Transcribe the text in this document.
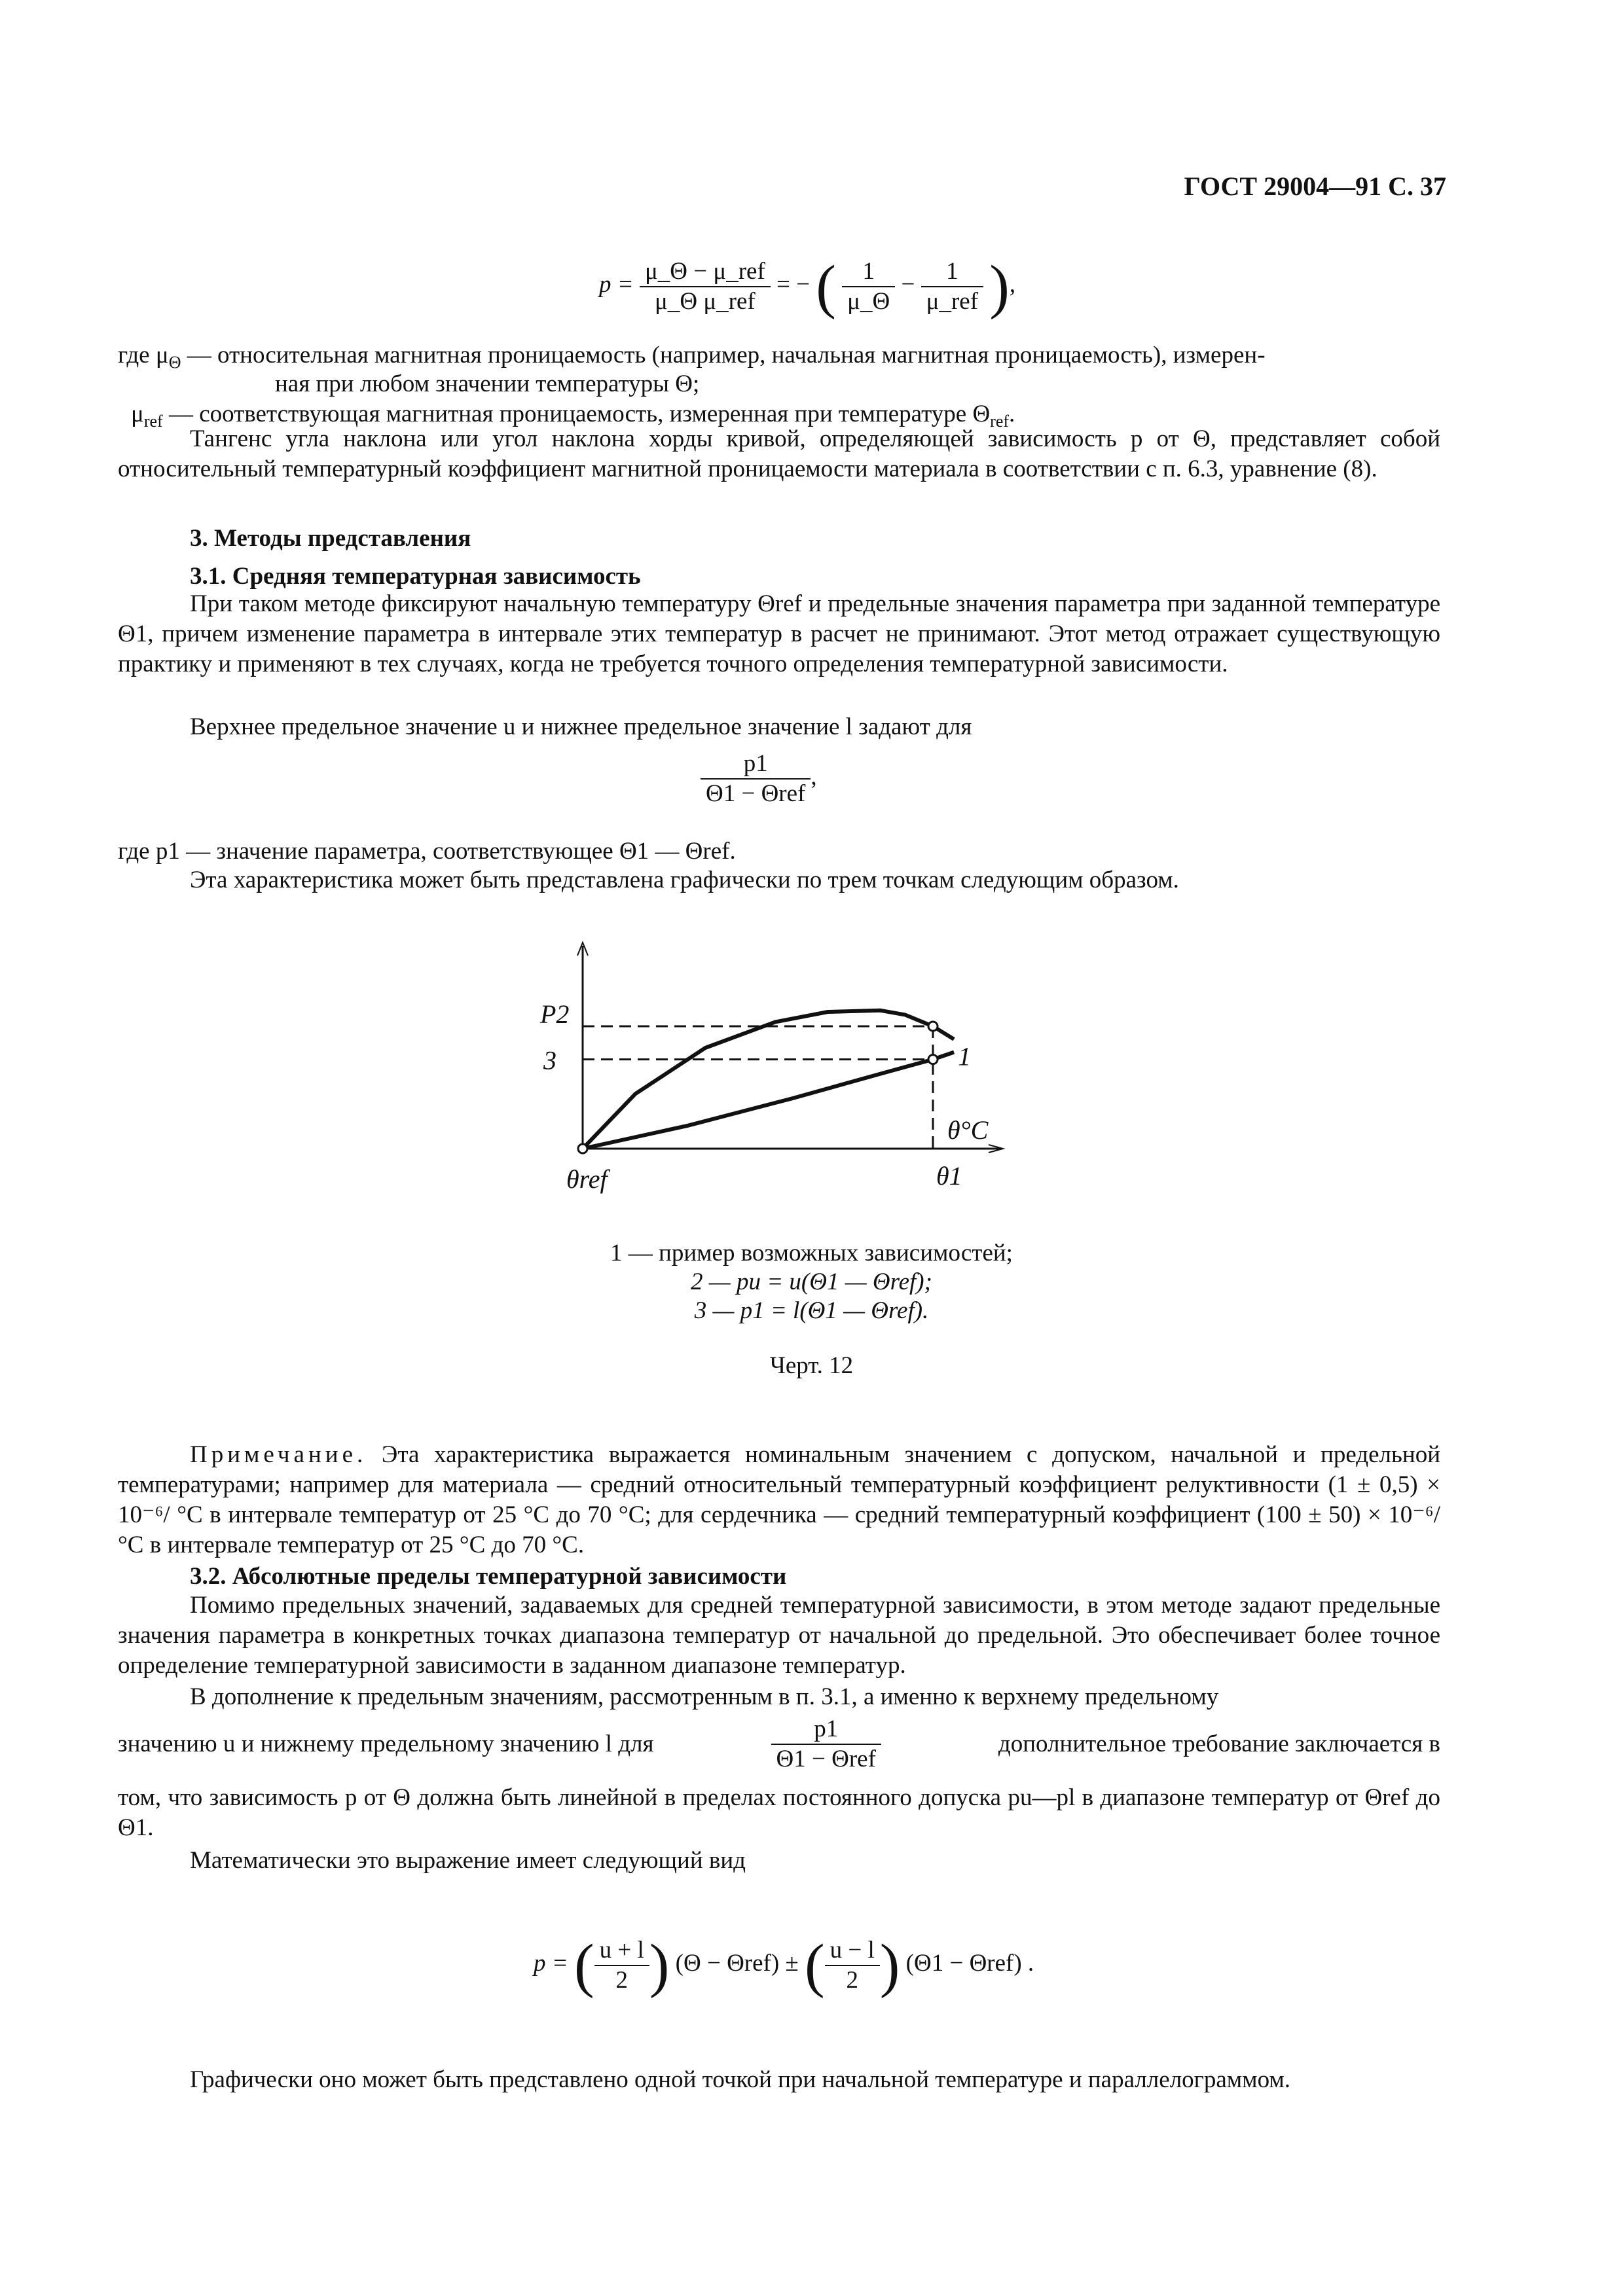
ГОСТ 29004—91 С. 37
$p = \frac{\text{μ\_Θ − μ\_ref}}{\text{μ\_Θ μ\_ref}}$ = − ( $\frac{1}{\mu\_\Theta} - \frac{1}{\text{μ\_ref}}$ ),
где $\mu_\Theta$ — относительная магнитная проницаемость (например, начальная магнитная проницаемость), измерен-
ная при любом значении температуры Θ;
$\mu_{ref}$ — соответствующая магнитная проницаемость, измеренная при температуре $\Theta_{ref}$.
Тангенс угла наклона или угол наклона хорды кривой, определяющей зависимость p от Θ, представляет собой относительный температурный коэффициент магнитной проницаемости материала в соответствии с п. 6.3, уравнение (8).
3. Методы представления
3.1. Средняя температурная зависимость
При таком методе фиксируют начальную температуру Θref и предельные значения параметра при заданной температуре Θ1, причем изменение параметра в интервале этих температур в расчет не принимают. Этот метод отражает существующую практику и применяют в тех случаях, когда не требуется точного определения температурной зависимости.
Верхнее предельное значение u и нижнее предельное значение l задают для
$\frac{p1}{\text{Θ1 − Θref}}$ ,
где p1 — значение параметра, соответствующее Θ1 — Θref.
Эта характеристика может быть представлена графически по трем точкам следующим образом.
P2
3	1
θ°C
θref	θ1
1 — пример возможных зависимостей;
2 — pu = u(Θ1 — Θref);
3 — p1 = l(Θ1 — Θref).
Черт. 12
Примечание. Эта характеристика выражается номинальным значением с допуском, начальной и предельной температурами; например для материала — средний относительный температурный коэффициент релуктивности (1 ± 0,5) × 10⁻⁶/ °С в интервале температур от 25 °С до 70 °С; для сердечника — средний температурный коэффициент (100 ± 50) × 10⁻⁶/ °С в интервале температур от 25 °С до 70 °С.
3.2. Абсолютные пределы температурной зависимости
Помимо предельных значений, задаваемых для средней температурной зависимости, в этом методе задают предельные значения параметра в конкретных точках диапазона температур от начальной до предельной. Это обеспечивает более точное определение температурной зависимости в заданном диапазоне температур.
В дополнение к предельным значениям, рассмотренным в п. 3.1, а именно к верхнему предельному
значению u и нижнему предельному значению l для	$\frac{p1}{\text{Θ1 − Θref}}$	дополнительное требование заключается в
том, что зависимость p от Θ должна быть линейной в пределах постоянного допуска pu—pl в диапазоне температур от Θref до Θ1.
Математически это выражение имеет следующий вид
p = ( $\frac{u + l}{2}$ ) (Θ − Θref) ± ( $\frac{u - l}{2}$ ) (Θ1 − Θref) .
Графически оно может быть представлено одной точкой при начальной температуре и параллелограммом.
